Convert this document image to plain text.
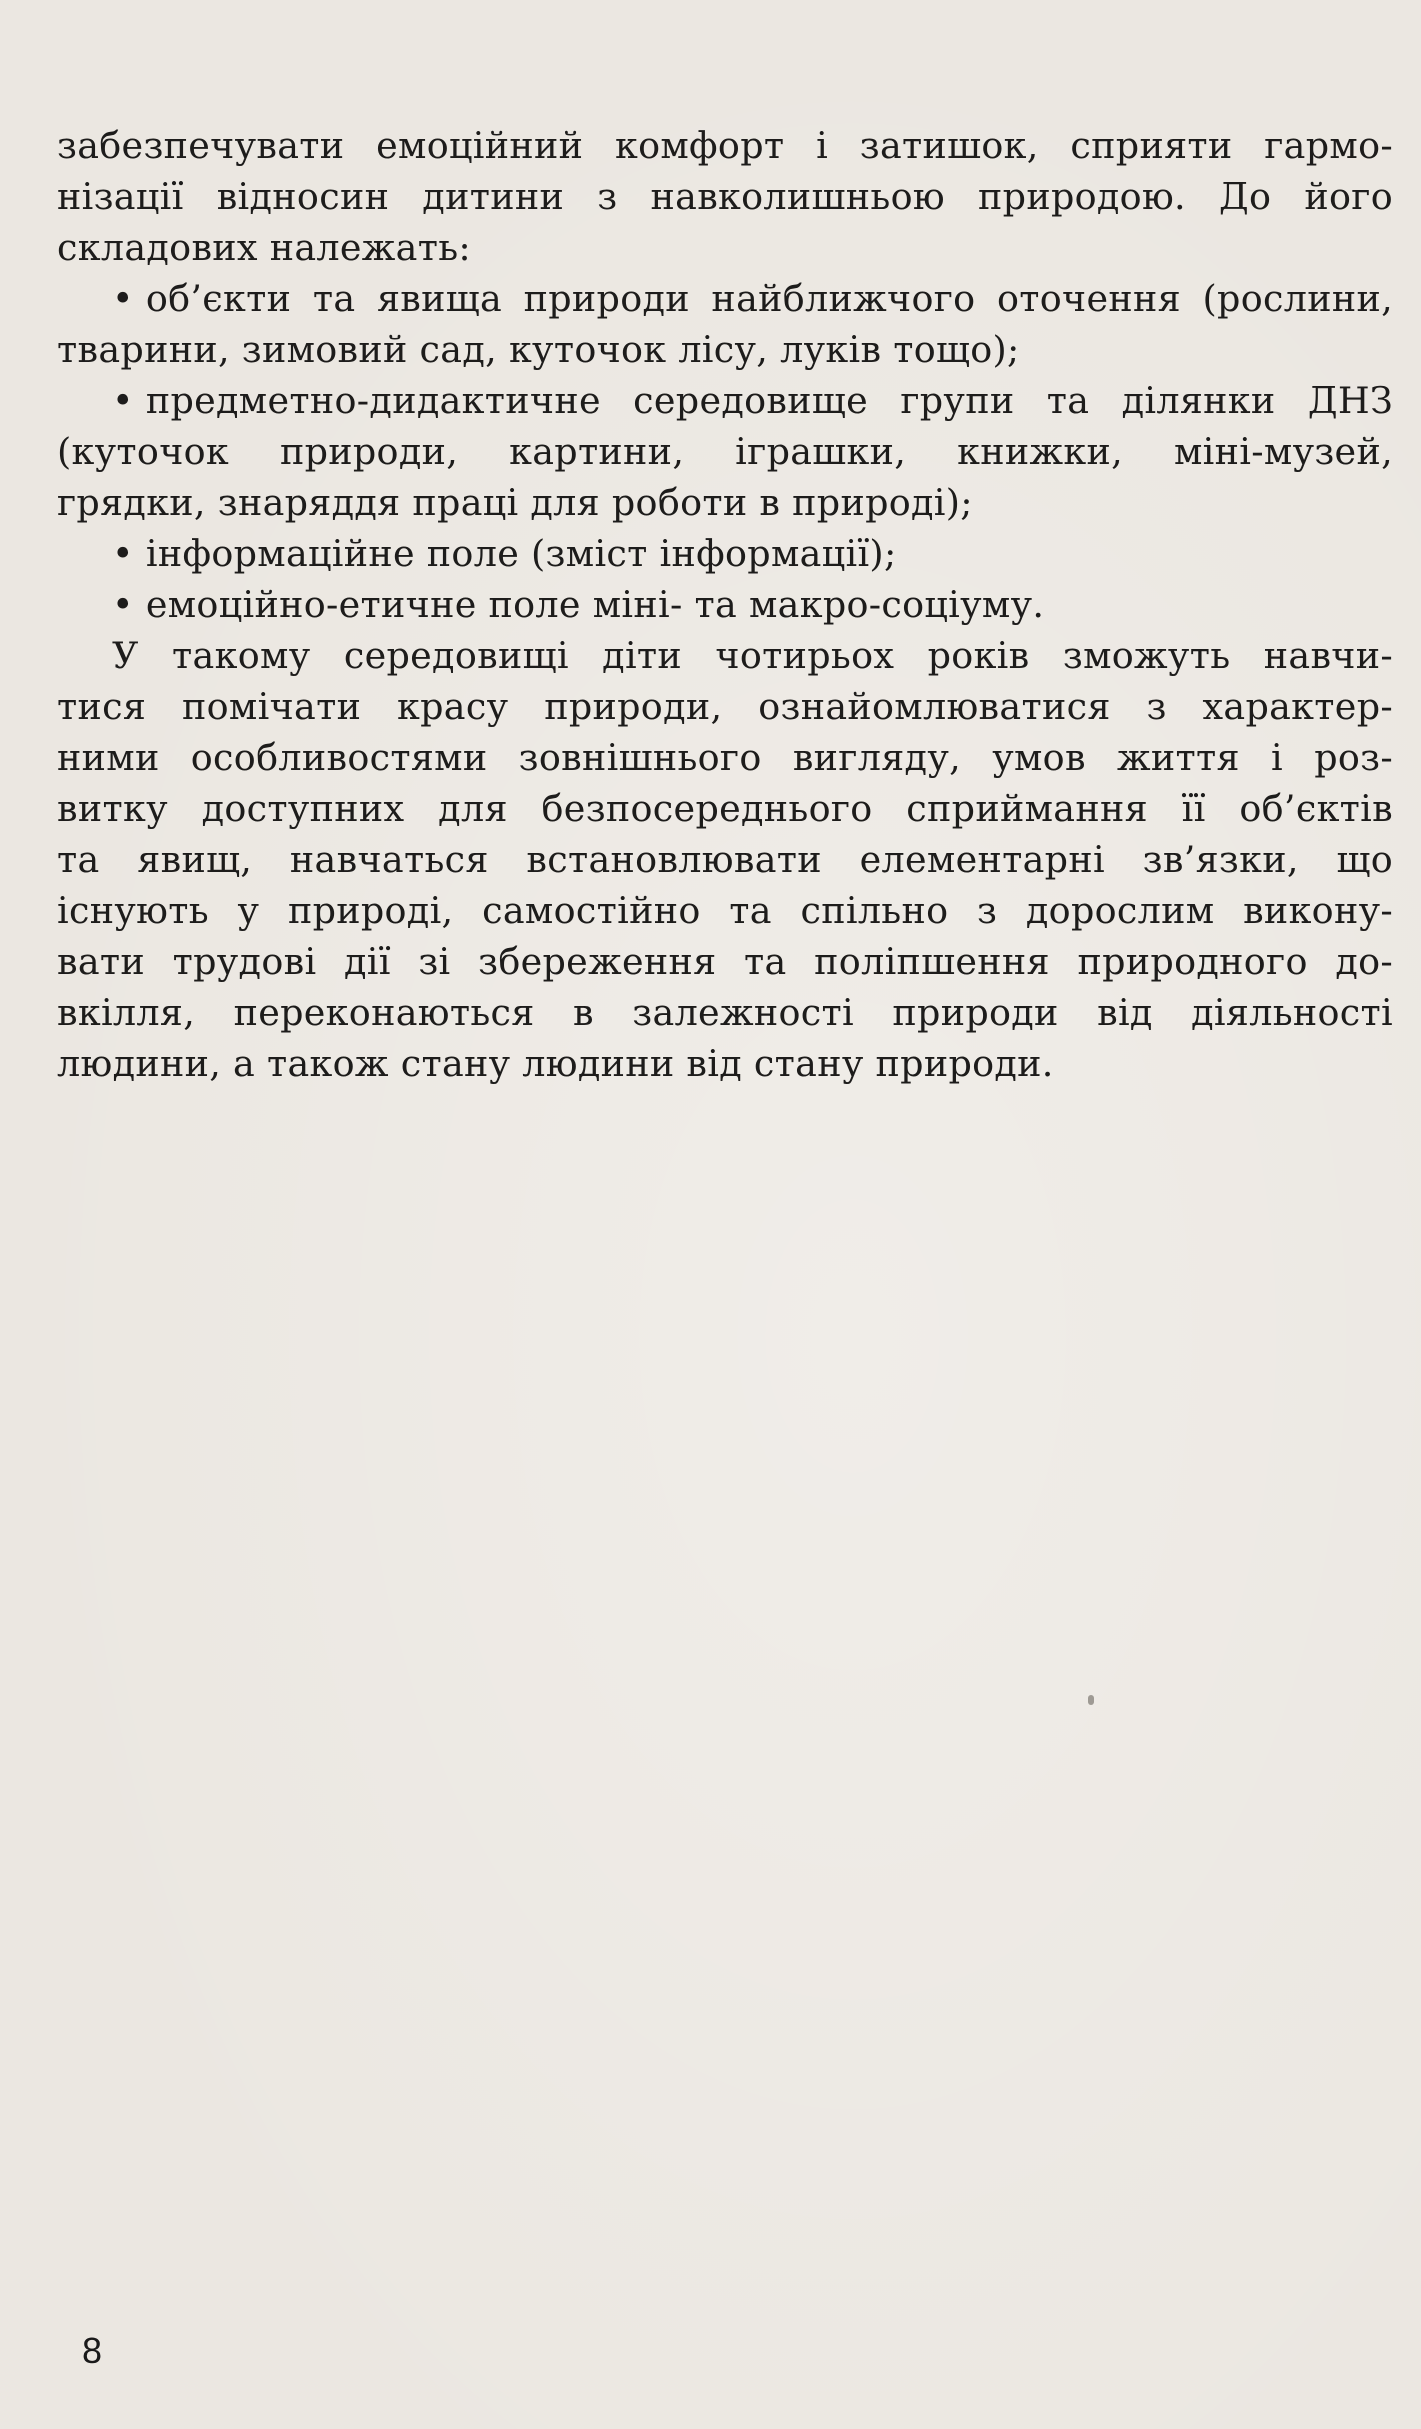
забезпечувати емоційний комфорт і затишок, сприяти гармо-
нізації відносин дитини з навколишньою природою. До його
складових належать:
• об’єкти та явища природи найближчого оточення (рослини,
тварини, зимовий сад, куточок лісу, луків тощо);
• предметно-дидактичне середовище групи та ділянки ДНЗ
(куточок природи, картини, іграшки, книжки, міні-музей,
грядки, знаряддя праці для роботи в природі);
• інформаційне поле (зміст інформації);
• емоційно-етичне поле міні- та макро-соціуму.
У такому середовищі діти чотирьох років зможуть навчи-
тися помічати красу природи, ознайомлюватися з характер-
ними особливостями зовнішнього вигляду, умов життя і роз-
витку доступних для безпосереднього сприймання її об’єктів
та явищ, навчаться встановлювати елементарні зв’язки, що
існують у природі, самостійно та спільно з дорослим викону-
вати трудові дії зі збереження та поліпшення природного до-
вкілля, переконаються в залежності природи від діяльності
людини, а також стану людини від стану природи.
8
